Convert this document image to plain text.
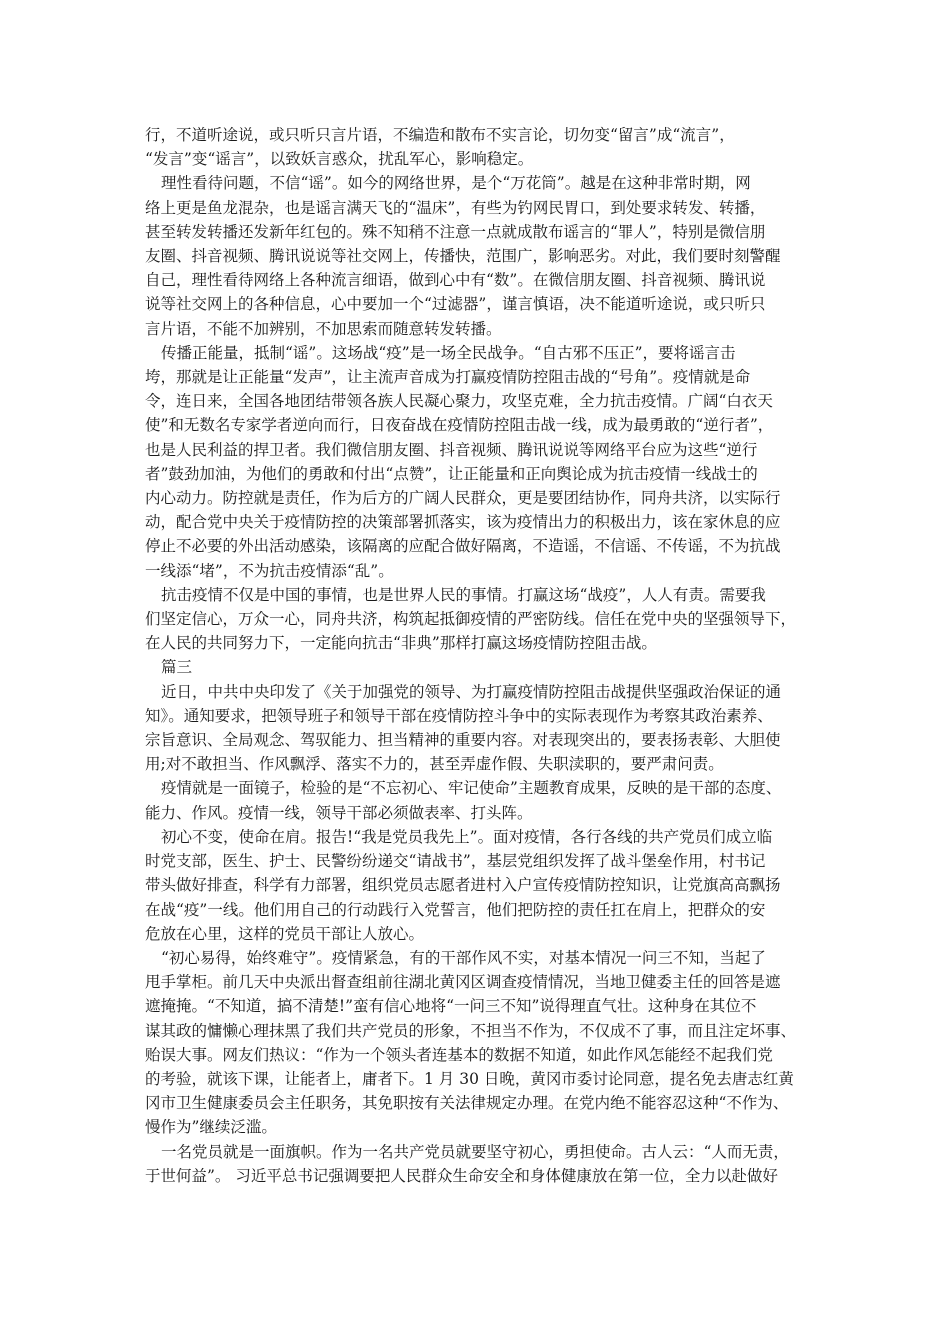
行，不道听途说，或只听只言片语，不编造和散布不实言论，切勿变“留言”成“流言”，
“发言”变“谣言”，以致妖言惑众，扰乱军心，影响稳定。
理性看待问题，不信“谣”。如今的网络世界，是个“万花筒”。越是在这种非常时期，网
络上更是鱼龙混杂，也是谣言满天飞的“温床”，有些为钓网民胃口，到处要求转发、转播，
甚至转发转播还发新年红包的。殊不知稍不注意一点就成散布谣言的“罪人”，特别是微信朋
友圈、抖音视频、腾讯说说等社交网上，传播快，范围广，影响恶劣。对此，我们要时刻警醒
自己，理性看待网络上各种流言细语，做到心中有“数”。在微信朋友圈、抖音视频、腾讯说
说等社交网上的各种信息，心中要加一个“过滤器”，谨言慎语，决不能道听途说，或只听只
言片语，不能不加辨别，不加思索而随意转发转播。
传播正能量，抵制“谣”。这场战“疫”是一场全民战争。“自古邪不压正”，要将谣言击
垮，那就是让正能量“发声”，让主流声音成为打赢疫情防控阻击战的“号角”。疫情就是命
令，连日来，全国各地团结带领各族人民凝心聚力，攻坚克难，全力抗击疫情。广阔“白衣天
使”和无数名专家学者逆向而行，日夜奋战在疫情防控阻击战一线，成为最勇敢的“逆行者”，
也是人民利益的捍卫者。我们微信朋友圈、抖音视频、腾讯说说等网络平台应为这些“逆行
者”鼓劲加油，为他们的勇敢和付出“点赞”，让正能量和正向舆论成为抗击疫情一线战士的
内心动力。防控就是责任，作为后方的广阔人民群众，更是要团结协作，同舟共济，以实际行
动，配合党中央关于疫情防控的决策部署抓落实，该为疫情出力的积极出力，该在家休息的应
停止不必要的外出活动感染，该隔离的应配合做好隔离，不造谣，不信谣、不传谣，不为抗战
一线添“堵”，不为抗击疫情添“乱”。
抗击疫情不仅是中国的事情，也是世界人民的事情。打赢这场“战疫”，人人有责。需要我
们坚定信心，万众一心，同舟共济，构筑起抵御疫情的严密防线。信任在党中央的坚强领导下，
在人民的共同努力下，一定能向抗击“非典”那样打赢这场疫情防控阻击战。
篇三
近日，中共中央印发了《关于加强党的领导、为打赢疫情防控阻击战提供坚强政治保证的通
知》。通知要求，把领导班子和领导干部在疫情防控斗争中的实际表现作为考察其政治素养、
宗旨意识、全局观念、驾驭能力、担当精神的重要内容。对表现突出的，要表扬表彰、大胆使
用;对不敢担当、作风飘浮、落实不力的，甚至弄虚作假、失职渎职的，要严肃问责。
疫情就是一面镜子，检验的是“不忘初心、牢记使命”主题教育成果，反映的是干部的态度、
能力、作风。疫情一线，领导干部必须做表率、打头阵。
初心不变，使命在肩。报告!“我是党员我先上”。面对疫情，各行各线的共产党员们成立临
时党支部，医生、护士、民警纷纷递交“请战书”，基层党组织发挥了战斗堡垒作用，村书记
带头做好排查，科学有力部署，组织党员志愿者进村入户宣传疫情防控知识，让党旗高高飘扬
在战“疫”一线。他们用自己的行动践行入党誓言，他们把防控的责任扛在肩上，把群众的安
危放在心里，这样的党员干部让人放心。
“初心易得，始终难守”。疫情紧急，有的干部作风不实，对基本情况一问三不知，当起了
甩手掌柜。前几天中央派出督查组前往湖北黄冈区调查疫情情况，当地卫健委主任的回答是遮
遮掩掩。“不知道，搞不清楚!”蛮有信心地将“一问三不知”说得理直气壮。这种身在其位不
谋其政的慵懒心理抹黑了我们共产党员的形象，不担当不作为，不仅成不了事，而且注定坏事、
贻误大事。网友们热议：“作为一个领头者连基本的数据不知道，如此作风怎能经不起我们党
的考验，就该下课，让能者上，庸者下。1 月 30 日晚，黄冈市委讨论同意，提名免去唐志红黄
冈市卫生健康委员会主任职务，其免职按有关法律规定办理。在党内绝不能容忍这种“不作为、
慢作为”继续泛滥。
一名党员就是一面旗帜。作为一名共产党员就要坚守初心，勇担使命。古人云：“人而无责，
于世何益”。 习近平总书记强调要把人民群众生命安全和身体健康放在第一位，全力以赴做好
